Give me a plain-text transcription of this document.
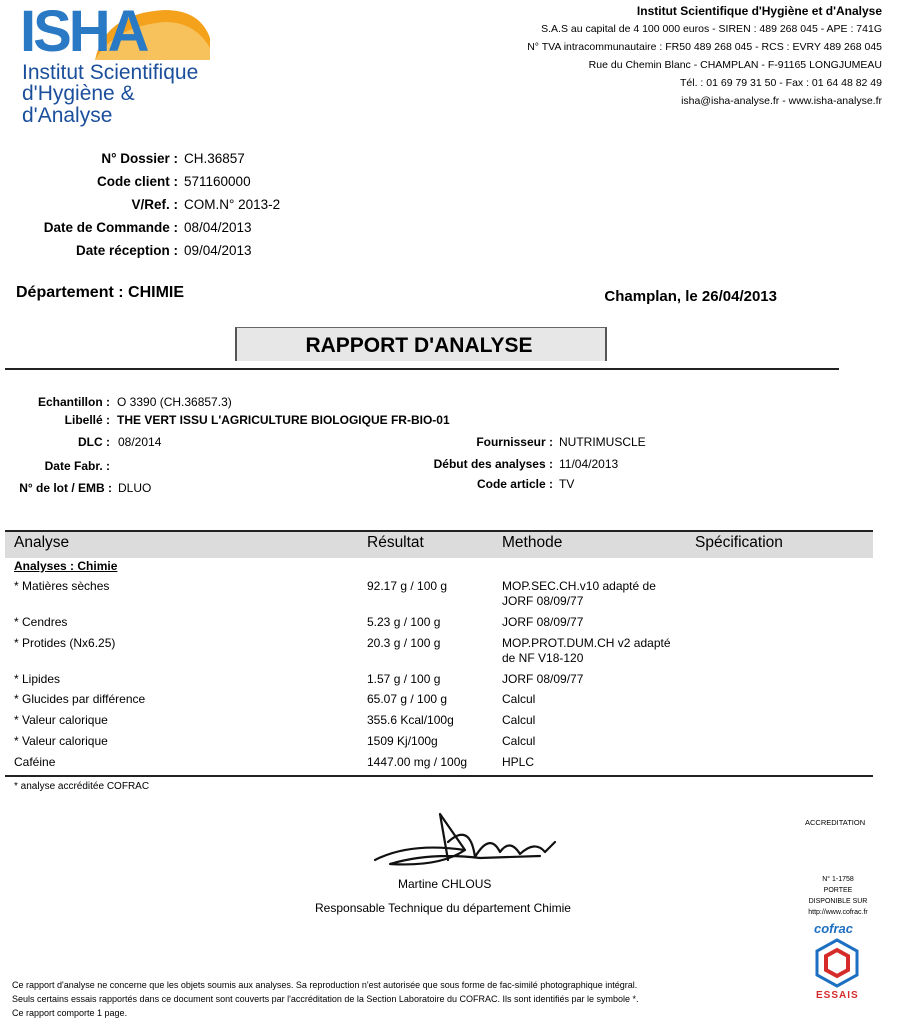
ISHA
Institut Scientifique
d'Hygiène & d'Analyse
Institut Scientifique d'Hygiène et d'Analyse
S.A.S au capital de 4 100 000 euros - SIREN : 489 268 045 - APE : 741G
N° TVA intracommunautaire : FR50 489 268 045 - RCS : EVRY 489 268 045
Rue du Chemin Blanc - CHAMPLAN - F-91165 LONGJUMEAU
Tél. : 01 69 79 31 50 - Fax : 01 64 48 82 49
isha@isha-analyse.fr - www.isha-analyse.fr
N° Dossier : CH.36857
Code client : 571160000
V/Ref. : COM.N° 2013-2
Date de Commande : 08/04/2013
Date réception : 09/04/2013
Département : CHIMIE	Champlan, le 26/04/2013
RAPPORT D'ANALYSE
Echantillon : O 3390 (CH.36857.3)
Libellé : THE VERT ISSU L'AGRICULTURE BIOLOGIQUE FR-BIO-01
DLC : 08/2014
Date Fabr. :
N° de lot / EMB : DLUO
Fournisseur : NUTRIMUSCLE
Début des analyses : 11/04/2013
Code article : TV
Analyse	Résultat	Methode	Spécification
Analyses : Chimie
* Matières sèches	92.17 g / 100 g	MOP.SEC.CH.v10 adapté de
JORF 08/09/77
* Cendres	5.23 g / 100 g	JORF 08/09/77
* Protides (Nx6.25)	20.3 g / 100 g	MOP.PROT.DUM.CH v2 adapté
de NF V18-120
* Lipides	1.57 g / 100 g	JORF 08/09/77
* Glucides par différence	65.07 g / 100 g	Calcul
* Valeur calorique	355.6 Kcal/100g	Calcul
* Valeur calorique	1509 Kj/100g	Calcul
Caféine	1447.00 mg / 100g	HPLC
* analyse accréditée COFRAC
Martine CHLOUS
Responsable Technique du département Chimie
ACCREDITATION
N° 1-1758
PORTEE
DISPONIBLE SUR
http://www.cofrac.fr
cofrac
ESSAIS
Ce rapport d'analyse ne concerne que les objets soumis aux analyses. Sa reproduction n'est autorisée que sous forme de fac-similé photographique intégral.
Seuls certains essais rapportés dans ce document sont couverts par l'accréditation de la Section Laboratoire du COFRAC. Ils sont identifiés par le symbole *.
Ce rapport comporte 1 page.
